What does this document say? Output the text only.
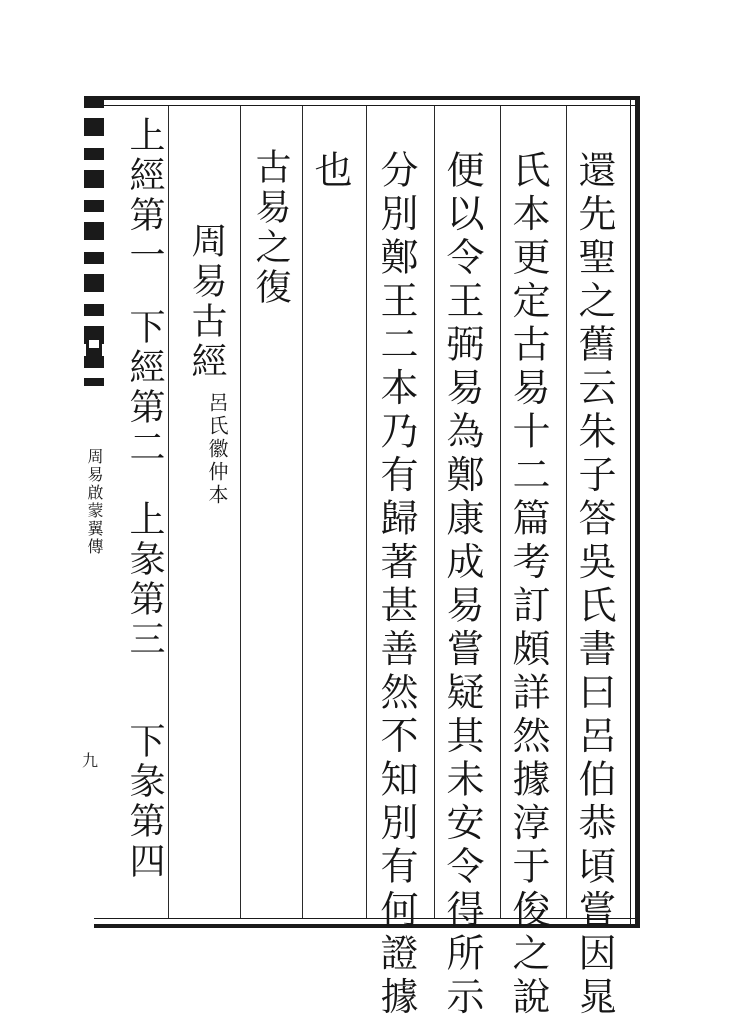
還先聖之舊云朱子答吳氏書曰呂伯恭頃嘗因晁
氏本更定古易十二篇考訂頗詳然據淳于俊之說
便以令王弼易為鄭康成易嘗疑其未安令得所示
分別鄭王二本乃有歸著甚善然不知別有何證據
也
古易之復
周易古經
呂氏徽仲本
上經第一
下經第二
上彖第三
下彖第四
周易啟蒙翼傳
九
